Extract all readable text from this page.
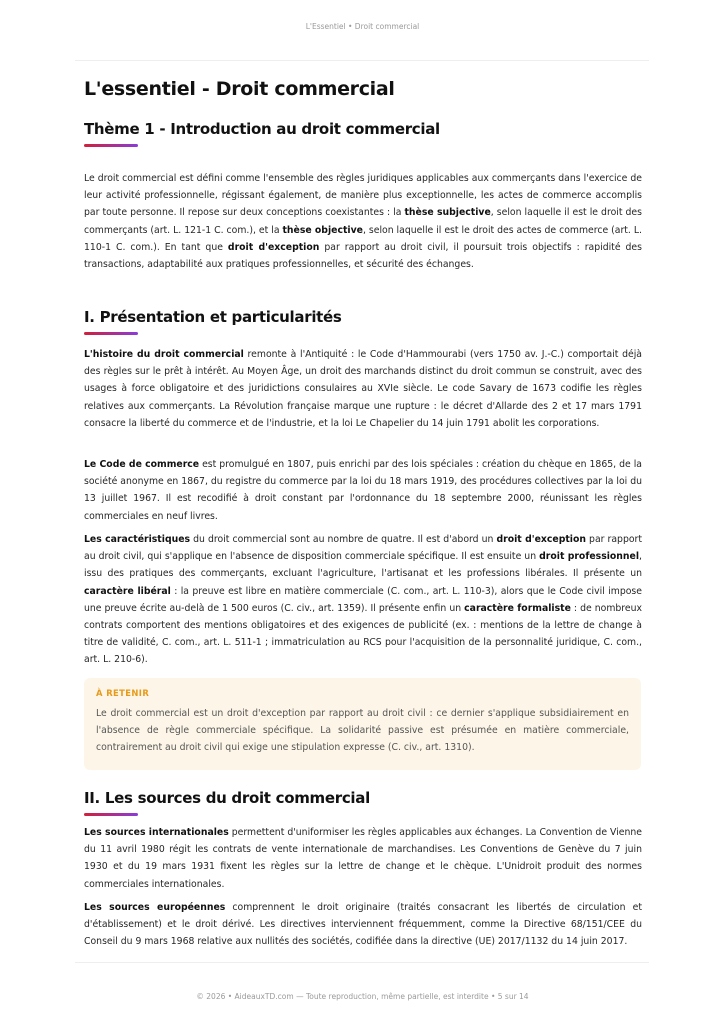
L'Essentiel • Droit commercial
L'essentiel - Droit commercial
Thème 1 - Introduction au droit commercial

Le droit commercial est défini comme l'ensemble des règles juridiques applicables aux commerçants dans l'exercice de leur activité professionnelle, régissant également, de manière plus exceptionnelle, les actes de commerce accomplis par toute personne. Il repose sur deux conceptions coexistantes : la thèse subjective, selon laquelle il est le droit des commerçants (art. L. 121-1 C. com.), et la thèse objective, selon laquelle il est le droit des actes de commerce (art. L. 110-1 C. com.). En tant que droit d'exception par rapport au droit civil, il poursuit trois objectifs : rapidité des transactions, adaptabilité aux pratiques professionnelles, et sécurité des échanges.

I. Présentation et particularités

L'histoire du droit commercial remonte à l'Antiquité : le Code d'Hammourabi (vers 1750 av. J.-C.) comportait déjà des règles sur le prêt à intérêt. Au Moyen Âge, un droit des marchands distinct du droit commun se construit, avec des usages à force obligatoire et des juridictions consulaires au XVIe siècle. Le code Savary de 1673 codifie les règles relatives aux commerçants. La Révolution française marque une rupture : le décret d'Allarde des 2 et 17 mars 1791 consacre la liberté du commerce et de l'industrie, et la loi Le Chapelier du 14 juin 1791 abolit les corporations.

Le Code de commerce est promulgué en 1807, puis enrichi par des lois spéciales : création du chèque en 1865, de la société anonyme en 1867, du registre du commerce par la loi du 18 mars 1919, des procédures collectives par la loi du 13 juillet 1967. Il est recodifié à droit constant par l'ordonnance du 18 septembre 2000, réunissant les règles commerciales en neuf livres.

Les caractéristiques du droit commercial sont au nombre de quatre. Il est d'abord un droit d'exception par rapport au droit civil, qui s'applique en l'absence de disposition commerciale spécifique. Il est ensuite un droit professionnel, issu des pratiques des commerçants, excluant l'agriculture, l'artisanat et les professions libérales. Il présente un caractère libéral : la preuve est libre en matière commerciale (C. com., art. L. 110-3), alors que le Code civil impose une preuve écrite au-delà de 1 500 euros (C. civ., art. 1359). Il présente enfin un caractère formaliste : de nombreux contrats comportent des mentions obligatoires et des exigences de publicité (ex. : mentions de la lettre de change à titre de validité, C. com., art. L. 511-1 ; immatriculation au RCS pour l'acquisition de la personnalité juridique, C. com., art. L. 210-6).

À RETENIR
Le droit commercial est un droit d'exception par rapport au droit civil : ce dernier s'applique subsidiairement en l'absence de règle commerciale spécifique. La solidarité passive est présumée en matière commerciale, contrairement au droit civil qui exige une stipulation expresse (C. civ., art. 1310).
II. Les sources du droit commercial

Les sources internationales permettent d'uniformiser les règles applicables aux échanges. La Convention de Vienne du 11 avril 1980 régit les contrats de vente internationale de marchandises. Les Conventions de Genève du 7 juin 1930 et du 19 mars 1931 fixent les règles sur la lettre de change et le chèque. L'Unidroit produit des normes commerciales internationales.

Les sources européennes comprennent le droit originaire (traités consacrant les libertés de circulation et d'établissement) et le droit dérivé. Les directives interviennent fréquemment, comme la Directive 68/151/CEE du Conseil du 9 mars 1968 relative aux nullités des sociétés, codifiée dans la directive (UE) 2017/1132 du 14 juin 2017.

© 2026 • AideauxTD.com — Toute reproduction, même partielle, est interdite • 5 sur 14
